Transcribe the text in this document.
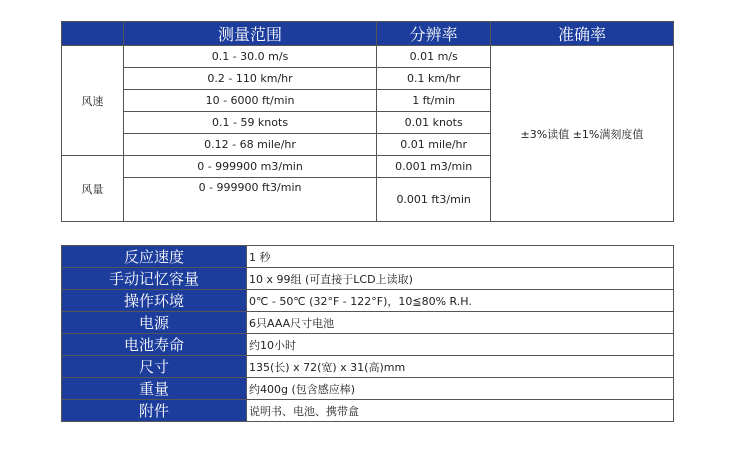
	测量范围	分辨率	准确率
风速	0.1 - 30.0 m/s	0.01 m/s	±3%读值 ±1%满刻度值
	0.2 - 110 km/hr	0.1 km/hr	
	10 - 6000 ft/min	1 ft/min	
	0.1 - 59 knots	0.01 knots	
	0.12 - 68 mile/hr	0.01 mile/hr	
风量	0 - 999900 m3/min	0.001 m3/min	
	0 - 999900 ft3/min	0.001 ft3/min	
反应速度	1 秒
手动记忆容量	10 x 99组 (可直接于LCD上读取)
操作环境	0℃ - 50℃ (32°F - 122°F)，10≦80% R.H.
电源	6只AAA尺寸电池
电池寿命	约10小时
尺寸	135(长) x 72(宽) x 31(高)mm
重量	约400g (包含感应棒)
附件	说明书、电池、携带盒
